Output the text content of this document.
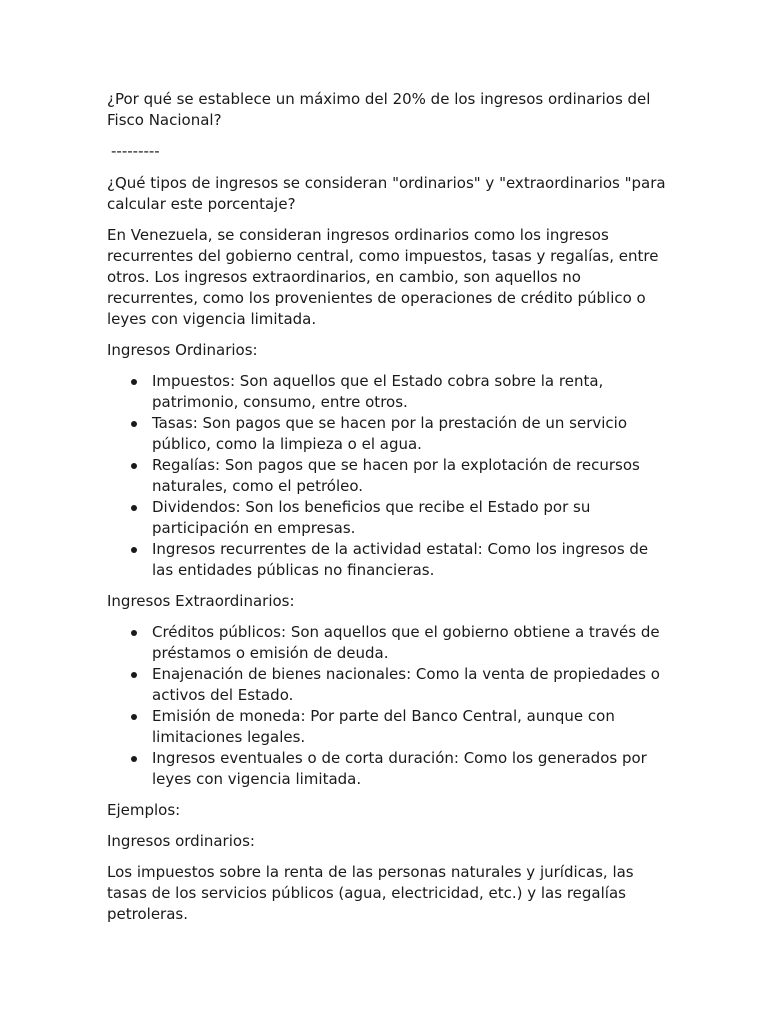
¿Por qué se establece un máximo del 20% de los ingresos ordinarios del Fisco Nacional?

---------

¿Qué tipos de ingresos se consideran "ordinarios" y "extraordinarios "para calcular este porcentaje?

En Venezuela, se consideran ingresos ordinarios como los ingresos recurrentes del gobierno central, como impuestos, tasas y regalías, entre otros. Los ingresos extraordinarios, en cambio, son aquellos no recurrentes, como los provenientes de operaciones de crédito público o leyes con vigencia limitada.

Ingresos Ordinarios:

Impuestos: Son aquellos que el Estado cobra sobre la renta, patrimonio, consumo, entre otros.
Tasas: Son pagos que se hacen por la prestación de un servicio público, como la limpieza o el agua.
Regalías: Son pagos que se hacen por la explotación de recursos naturales, como el petróleo.
Dividendos: Son los beneficios que recibe el Estado por su participación en empresas.
Ingresos recurrentes de la actividad estatal: Como los ingresos de las entidades públicas no financieras.

Ingresos Extraordinarios:

Créditos públicos: Son aquellos que el gobierno obtiene a través de préstamos o emisión de deuda.
Enajenación de bienes nacionales: Como la venta de propiedades o activos del Estado.
Emisión de moneda: Por parte del Banco Central, aunque con limitaciones legales.
Ingresos eventuales o de corta duración: Como los generados por leyes con vigencia limitada.

Ejemplos:

Ingresos ordinarios:

Los impuestos sobre la renta de las personas naturales y jurídicas, las tasas de los servicios públicos (agua, electricidad, etc.) y las regalías petroleras.
